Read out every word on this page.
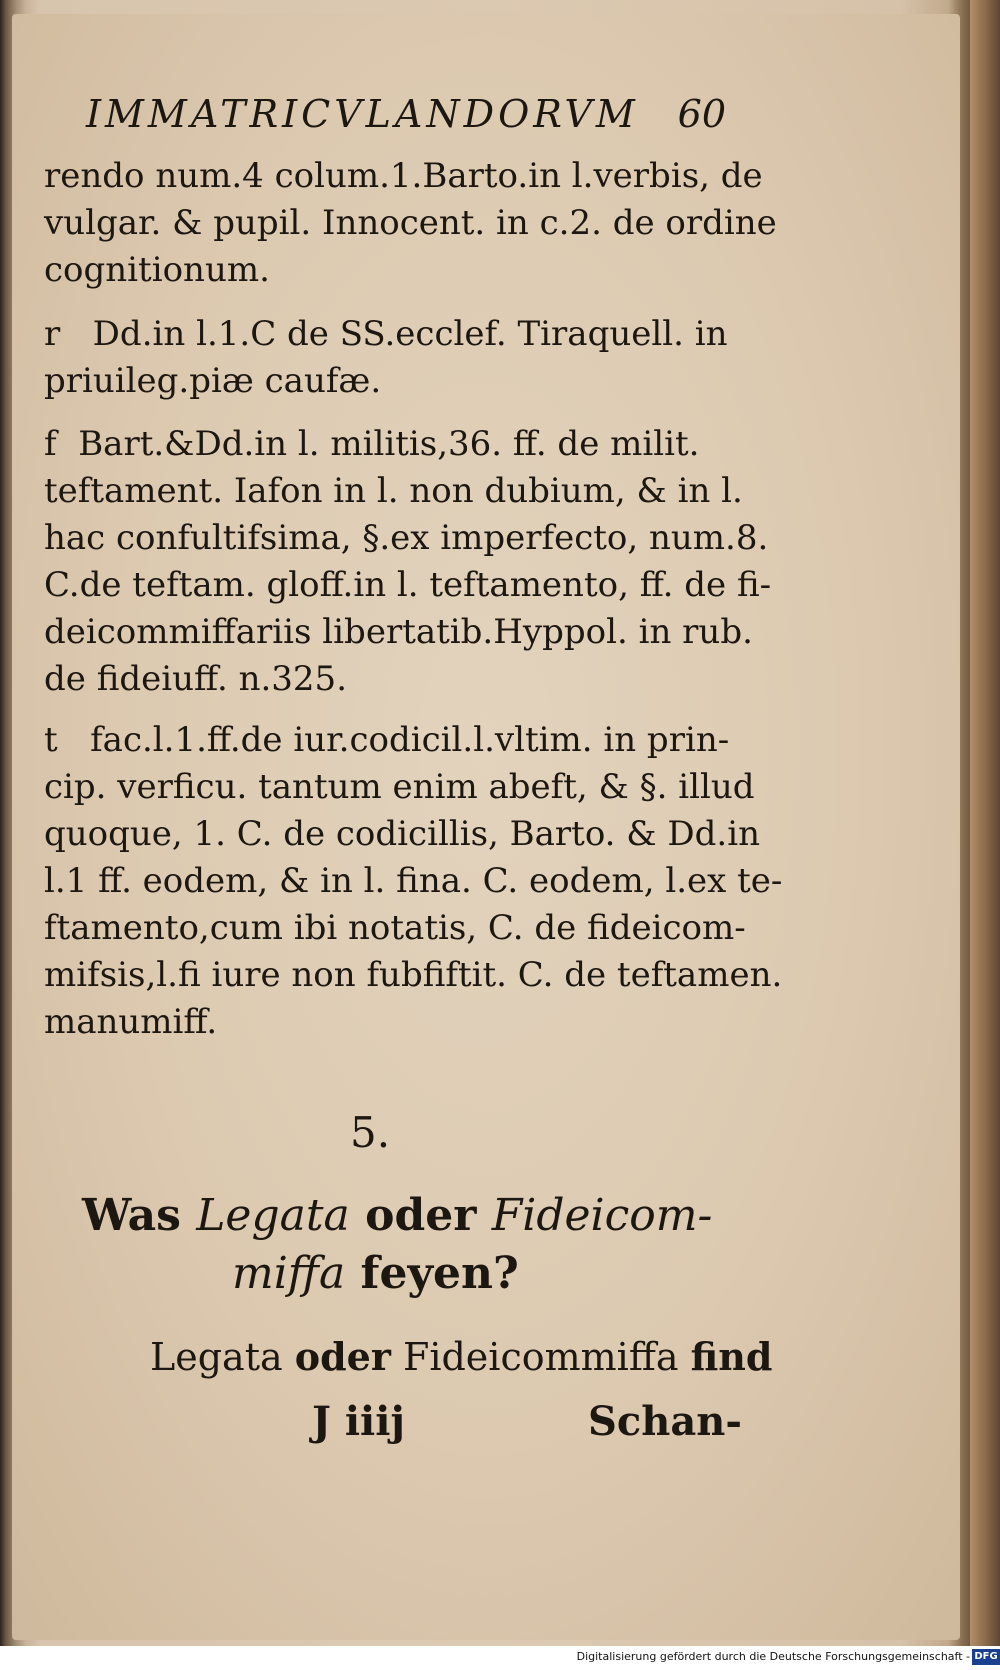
IMMATRICVLANDORVM 60
rendo num.4 colum.1.Barto.in l.verbis, de
vulgar. & pupil. Innocent. in c.2. de ordine
cognitionum.
r   Dd.in l.1.C de SS.ecclef. Tiraquell. in
priuileg.piæ caufæ.
f  Bart.&Dd.in l. militis,36. ff. de milit.
teftament. Iafon in l. non dubium, & in l.
hac confultifsima, §.ex imperfecto, num.8.
C.de teftam. gloff.in l. teftamento, ff. de fi-
deicommiffariis libertatib.Hyppol. in rub.
de fideiuff. n.325.
t   fac.l.1.ff.de iur.codicil.l.vltim. in prin-
cip. verficu. tantum enim abeft, & §. illud
quoque, 1. C. de codicillis, Barto. & Dd.in
l.1 ff. eodem, & in l. fina. C. eodem, l.ex te-
ftamento,cum ibi notatis, C. de fideicom-
mifsis,l.fi iure non fubfiftit. C. de teftamen.
manumiff.
5.
Was Legata oder Fideicom-
miffa feyen?
Legata oder Fideicommiffa find
J iiij	Schan-
Digitalisierung gefördert durch die Deutsche Forschungsgemeinschaft - DFG
